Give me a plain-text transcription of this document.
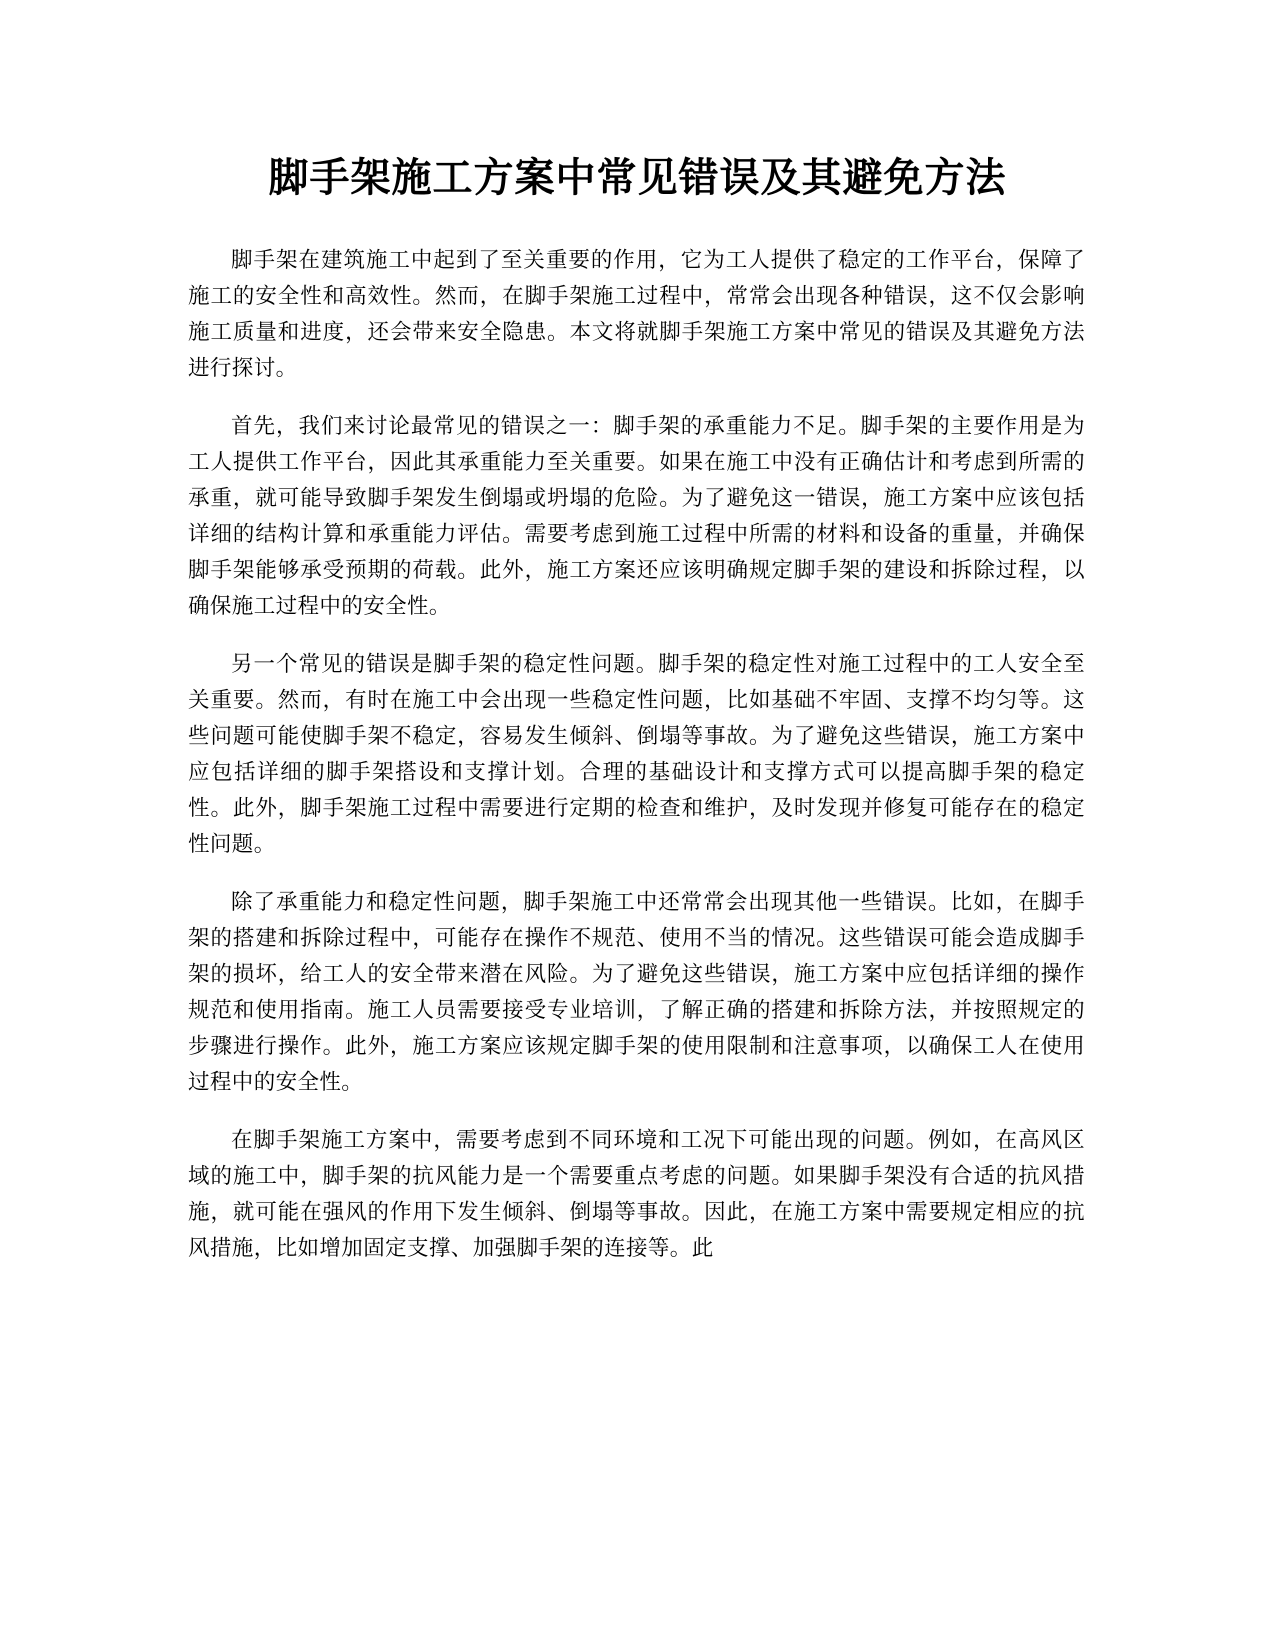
脚手架施工方案中常见错误及其避免方法

脚手架在建筑施工中起到了至关重要的作用，它为工人提供了稳定的工作平台，保障了施工的安全性和高效性。然而，在脚手架施工过程中，常常会出现各种错误，这不仅会影响施工质量和进度，还会带来安全隐患。本文将就脚手架施工方案中常见的错误及其避免方法进行探讨。

首先，我们来讨论最常见的错误之一：脚手架的承重能力不足。脚手架的主要作用是为工人提供工作平台，因此其承重能力至关重要。如果在施工中没有正确估计和考虑到所需的承重，就可能导致脚手架发生倒塌或坍塌的危险。为了避免这一错误，施工方案中应该包括详细的结构计算和承重能力评估。需要考虑到施工过程中所需的材料和设备的重量，并确保脚手架能够承受预期的荷载。此外，施工方案还应该明确规定脚手架的建设和拆除过程，以确保施工过程中的安全性。

另一个常见的错误是脚手架的稳定性问题。脚手架的稳定性对施工过程中的工人安全至关重要。然而，有时在施工中会出现一些稳定性问题，比如基础不牢固、支撑不均匀等。这些问题可能使脚手架不稳定，容易发生倾斜、倒塌等事故。为了避免这些错误，施工方案中应包括详细的脚手架搭设和支撑计划。合理的基础设计和支撑方式可以提高脚手架的稳定性。此外，脚手架施工过程中需要进行定期的检查和维护，及时发现并修复可能存在的稳定性问题。

除了承重能力和稳定性问题，脚手架施工中还常常会出现其他一些错误。比如，在脚手架的搭建和拆除过程中，可能存在操作不规范、使用不当的情况。这些错误可能会造成脚手架的损坏，给工人的安全带来潜在风险。为了避免这些错误，施工方案中应包括详细的操作规范和使用指南。施工人员需要接受专业培训，了解正确的搭建和拆除方法，并按照规定的步骤进行操作。此外，施工方案应该规定脚手架的使用限制和注意事项，以确保工人在使用过程中的安全性。

在脚手架施工方案中，需要考虑到不同环境和工况下可能出现的问题。例如，在高风区域的施工中，脚手架的抗风能力是一个需要重点考虑的问题。如果脚手架没有合适的抗风措施，就可能在强风的作用下发生倾斜、倒塌等事故。因此，在施工方案中需要规定相应的抗风措施，比如增加固定支撑、加强脚手架的连接等。此
